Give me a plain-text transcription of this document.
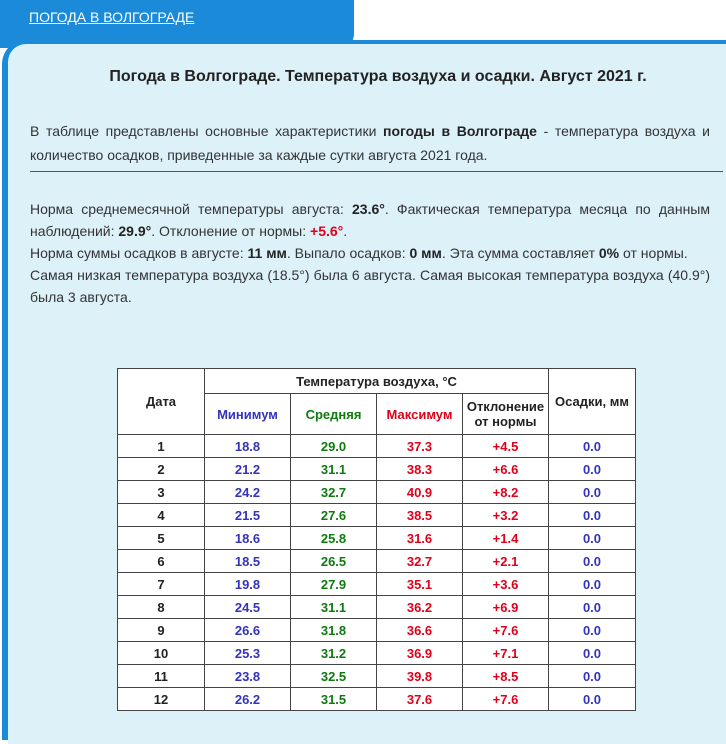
ПОГОДА В ВОЛГОГРАДЕ
Погода в Волгограде. Температура воздуха и осадки. Август 2021 г.
В таблице представлены основные характеристики погоды в Волгограде - температура воздуха и количество осадков, приведенные за каждые сутки августа 2021 года.

Норма среднемесячной температуры августа: 23.6°. Фактическая температура месяца по данным наблюдений: 29.9°. Отклонение от нормы: +5.6°.

Норма суммы осадков в августе: 11 мм. Выпало осадков: 0 мм. Эта сумма составляет 0% от нормы.

Самая низкая температура воздуха (18.5°) была 6 августа. Самая высокая температура воздуха (40.9°) была 3 августа.

Дата	Температура воздуха, °С				Осадки, мм
	Минимум	Средняя	Максимум	Отклонение от нормы	
1	18.8	29.0	37.3	+4.5	0.0
2	21.2	31.1	38.3	+6.6	0.0
3	24.2	32.7	40.9	+8.2	0.0
4	21.5	27.6	38.5	+3.2	0.0
5	18.6	25.8	31.6	+1.4	0.0
6	18.5	26.5	32.7	+2.1	0.0
7	19.8	27.9	35.1	+3.6	0.0
8	24.5	31.1	36.2	+6.9	0.0
9	26.6	31.8	36.6	+7.6	0.0
10	25.3	31.2	36.9	+7.1	0.0
11	23.8	32.5	39.8	+8.5	0.0
12	26.2	31.5	37.6	+7.6	0.0
